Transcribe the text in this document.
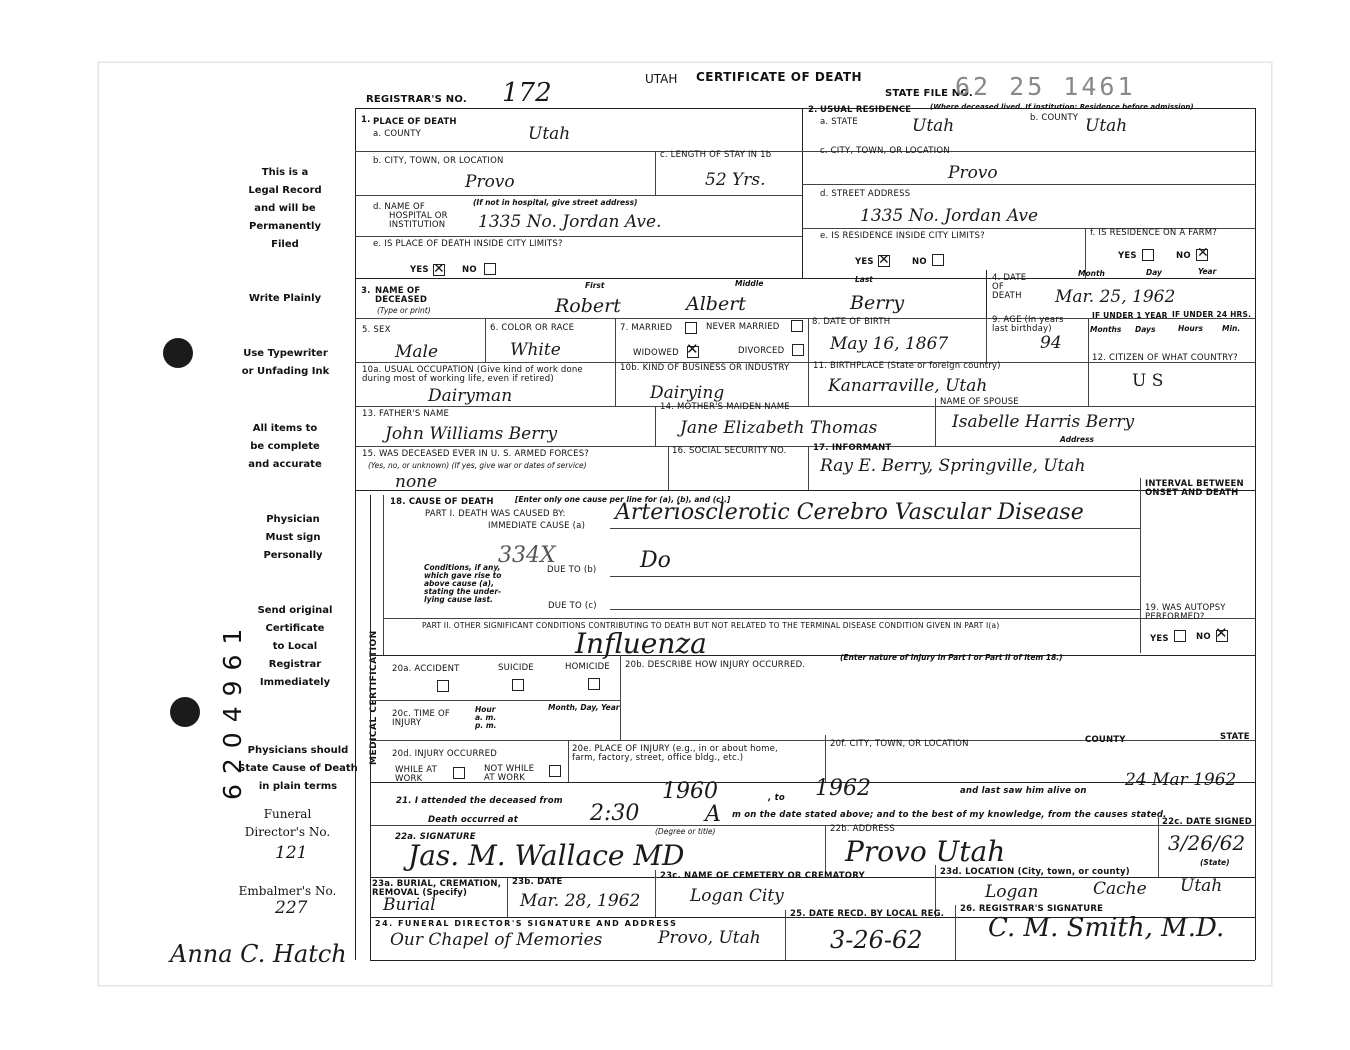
This is a
Legal Record
and will be
Permanently
Filed
Write Plainly
Use Typewriter
or Unfading Ink
All items to
be complete
and accurate
Physician
Must sign
Personally
Send original
Certificate
to Local
Registrar
Immediately
Physicians should
State Cause of Death
in plain terms
Funeral
Director's No.
121
Embalmer's No.
227
Anna C. Hatch
6204961	MEDICAL CERTIFICATION
REGISTRAR'S NO. 172	UTAH CERTIFICATE OF DEATH
STATE FILE NO.
62 25 1461
1. PLACE OF DEATH
a. COUNTY	Utah
b. CITY, TOWN, OR LOCATION
Provo
c. LENGTH OF STAY IN 1b
52 Yrs.
d. NAME OF
HOSPITAL OR
INSTITUTION
(If not in hospital, give street address)
1335 No. Jordan Ave.
e. IS PLACE OF DEATH INSIDE CITY LIMITS?
YES ✕ NO
2. USUAL RESIDENCE	(Where deceased lived. If institution: Residence before admission)
a. STATE	Utah	b. COUNTY Utah
c. CITY, TOWN, OR LOCATION
Provo
d. STREET ADDRESS
1335 No. Jordan Ave
e. IS RESIDENCE INSIDE CITY LIMITS?
YES ✕	NO
f. IS RESIDENCE ON A FARM?
YES	NO ✕
3. NAME OF
DECEASED
(Type or print)
First	Middle	Last
Robert	Albert	Berry
4. DATE
OF
DEATH
Month	Day	Year
Mar. 25, 1962
5. SEX
Male
6. COLOR OR RACE
White
7. MARRIED	NEVER MARRIED
WIDOWED ✕	DIVORCED
8. DATE OF BIRTH
May 16, 1867
9. AGE (In years
last birthday)
94
IF UNDER 1 YEAR IF UNDER 24 HRS.
Months Days	Hours	Min.
10a. USUAL OCCUPATION (Give kind of work done
during most of working life, even if retired)
Dairyman
10b. KIND OF BUSINESS OR INDUSTRY
Dairying
11. BIRTHPLACE (State or foreign country)
Kanarraville, Utah
12. CITIZEN OF WHAT COUNTRY?
U S
13. FATHER'S NAME
John Williams Berry
14. MOTHER'S MAIDEN NAME
Jane Elizabeth Thomas
NAME OF SPOUSE
Isabelle Harris Berry
15. WAS DECEASED EVER IN U. S. ARMED FORCES?
(Yes, no, or unknown) (If yes, give war or dates of service)
none
16. SOCIAL SECURITY NO.	17. INFORMANT
Address
Ray E. Berry, Springville, Utah
18. CAUSE OF DEATH	[Enter only one cause per line for (a), (b), and (c).]
PART I. DEATH WAS CAUSED BY:
IMMEDIATE CAUSE (a)
Arteriosclerotic Cerebro Vascular Disease
334X
Conditions, if any,
which gave rise to
above cause (a),
stating the under-
lying cause last.
DUE TO (b) Do
DUE TO (c)
PART II. OTHER SIGNIFICANT CONDITIONS CONTRIBUTING TO DEATH BUT NOT RELATED TO THE TERMINAL DISEASE CONDITION GIVEN IN PART I(a)
Influenza
INTERVAL BETWEEN
ONSET AND DEATH
19. WAS AUTOPSY
PERFORMED?
YES	NO ✕
20a. ACCIDENT	SUICIDE	HOMICIDE 20b. DESCRIBE HOW INJURY OCCURRED.
(Enter nature of injury in Part I or Part II of item 18.)
20c. TIME OF
INJURY
Hour
a. m.
p. m.
Month, Day, Year
20d. INJURY OCCURRED
WHILE AT
WORK
NOT WHILE
AT WORK
20e. PLACE OF INJURY (e.g., in or about home,
farm, factory, street, office bldg., etc.)
20f. CITY, TOWN, OR LOCATION	COUNTY	STATE
21. I attended the deceased from	1960	, to 1962	and last saw him alive on
24 Mar 1962
Death occurred at	2:30	A m on the date stated above; and to the best of my knowledge, from the causes stated.
22a. SIGNATURE
(Degree or title)
Jas. M. Wallace MD
22b. ADDRESS
Provo Utah
22c. DATE SIGNED
3/26/62
23a. BURIAL, CREMATION,
REMOVAL (Specify)
Burial
23b. DATE
Mar. 28, 1962
23c. NAME OF CEMETERY OR CREMATORY
Logan City
23d. LOCATION (City, town, or county)
(State)
Logan	Cache Utah
24. FUNERAL DIRECTOR'S SIGNATURE AND ADDRESS
Our Chapel of Memories	Provo, Utah
25. DATE RECD. BY LOCAL REG.
3-26-62
26. REGISTRAR'S SIGNATURE
C. M. Smith, M.D.
